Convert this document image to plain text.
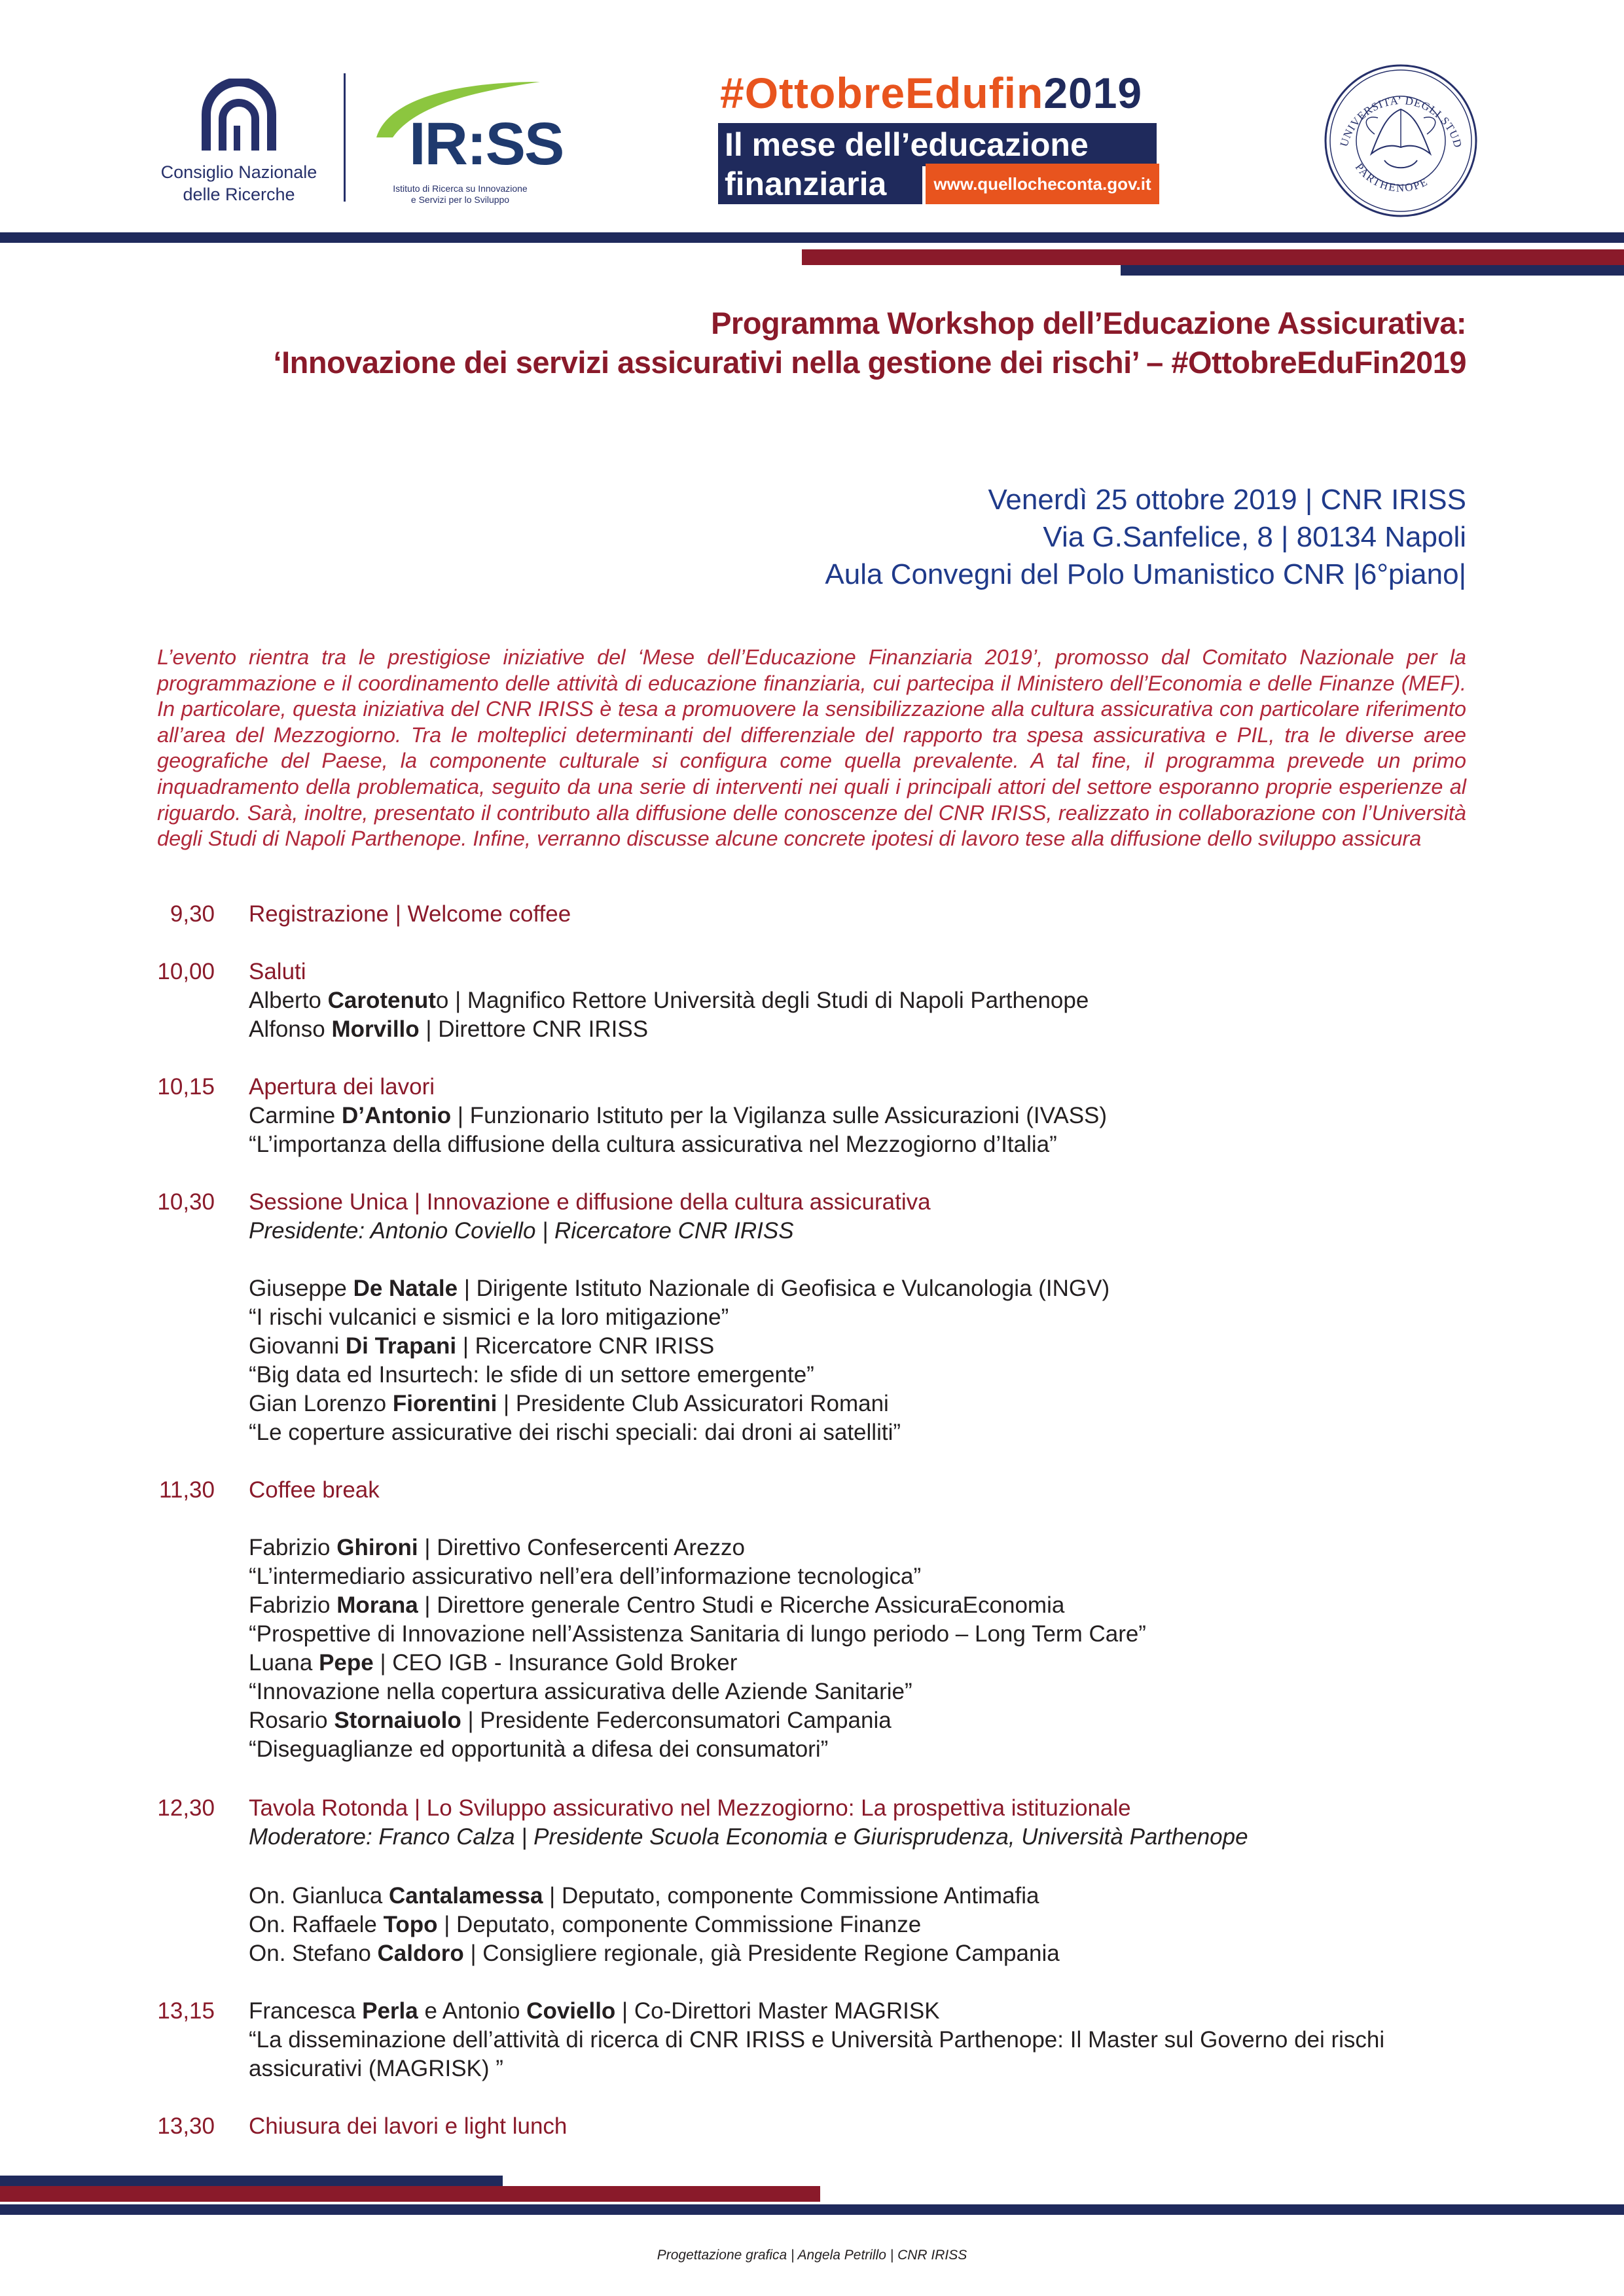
Consiglio Nazionale
delle Ricerche
IR:SS
Istituto di Ricerca su Innovazione
e Servizi per lo Sviluppo
#OttobreEdufin2019
Il mese dell’educazione
finanziaria	www.quellocheconta.gov.it
UNIVERSITA’ DEGLI STUD
PARTHENOPE
Programma Workshop dell’Educazione Assicurativa:
‘Innovazione dei servizi assicurativi nella gestione dei rischi’ – #OttobreEduFin2019
Venerdì 25 ottobre 2019 | CNR IRISS
Via G.Sanfelice, 8 | 80134 Napoli
Aula Convegni del Polo Umanistico CNR |6°piano|
L’evento rientra tra le prestigiose iniziative del ‘Mese dell’Educazione Finanziaria 2019’, promosso dal Comitato Nazionale per la programmazione e il coordinamento delle attività di educazione finanziaria, cui partecipa il Ministero dell’Economia e delle Finanze (MEF). In particolare, questa iniziativa del CNR IRISS è tesa a promuovere la sensibilizzazione alla cultura assicurativa con particolare riferimento all’area del Mezzogiorno. Tra le molteplici determinanti del differenziale del rapporto tra spesa assicurativa e PIL, tra le diverse aree geografiche del Paese, la componente culturale si configura come quella prevalente. A tal fine, il programma prevede un primo inquadramento della problematica, seguito da una serie di interventi nei quali i principali attori del settore esporanno proprie esperienze al riguardo. Sarà, inoltre, presentato il contributo alla diffusione delle conoscenze del CNR IRISS, realizzato in collaborazione con l’Università degli Studi di Napoli Parthenope. Infine, verranno discusse alcune concrete ipotesi di lavoro tese alla diffusione dello sviluppo assicura
9,30 Registrazione | Welcome coffee
10,00 Saluti
Alberto Carotenuto | Magnifico Rettore Università degli Studi di Napoli Parthenope
Alfonso Morvillo | Direttore CNR IRISS
10,15 Apertura dei lavori
Carmine D’Antonio | Funzionario Istituto per la Vigilanza sulle Assicurazioni (IVASS)
“L’importanza della diffusione della cultura assicurativa nel Mezzogiorno d’Italia”
10,30 Sessione Unica | Innovazione e diffusione della cultura assicurativa
Presidente: Antonio Coviello | Ricercatore CNR IRISS
Giuseppe De Natale | Dirigente Istituto Nazionale di Geofisica e Vulcanologia (INGV)
“I rischi vulcanici e sismici e la loro mitigazione”
Giovanni Di Trapani | Ricercatore CNR IRISS
“Big data ed Insurtech: le sfide di un settore emergente”
Gian Lorenzo Fiorentini | Presidente Club Assicuratori Romani
“Le coperture assicurative dei rischi speciali: dai droni ai satelliti”
11,30 Coffee break
Fabrizio Ghironi | Direttivo Confesercenti Arezzo
“L’intermediario assicurativo nell’era dell’informazione tecnologica”
Fabrizio Morana | Direttore generale Centro Studi e Ricerche AssicuraEconomia
“Prospettive di Innovazione nell’Assistenza Sanitaria di lungo periodo – Long Term Care”
Luana Pepe | CEO IGB - Insurance Gold Broker
“Innovazione nella copertura assicurativa delle Aziende Sanitarie”
Rosario Stornaiuolo | Presidente Federconsumatori Campania
“Diseguaglianze ed opportunità a difesa dei consumatori”
12,30 Tavola Rotonda | Lo Sviluppo assicurativo nel Mezzogiorno: La prospettiva istituzionale
Moderatore: Franco Calza | Presidente Scuola Economia e Giurisprudenza, Università Parthenope
On. Gianluca Cantalamessa | Deputato, componente Commissione Antimafia
On. Raffaele Topo | Deputato, componente Commissione Finanze
On. Stefano Caldoro | Consigliere regionale, già Presidente Regione Campania
13,15 Francesca Perla e Antonio Coviello | Co-Direttori Master MAGRISK
“La disseminazione dell’attività di ricerca di CNR IRISS e Università Parthenope: Il Master sul Governo dei rischi
assicurativi (MAGRISK) ”
13,30 Chiusura dei lavori e light lunch
Progettazione grafica | Angela Petrillo | CNR IRISS
